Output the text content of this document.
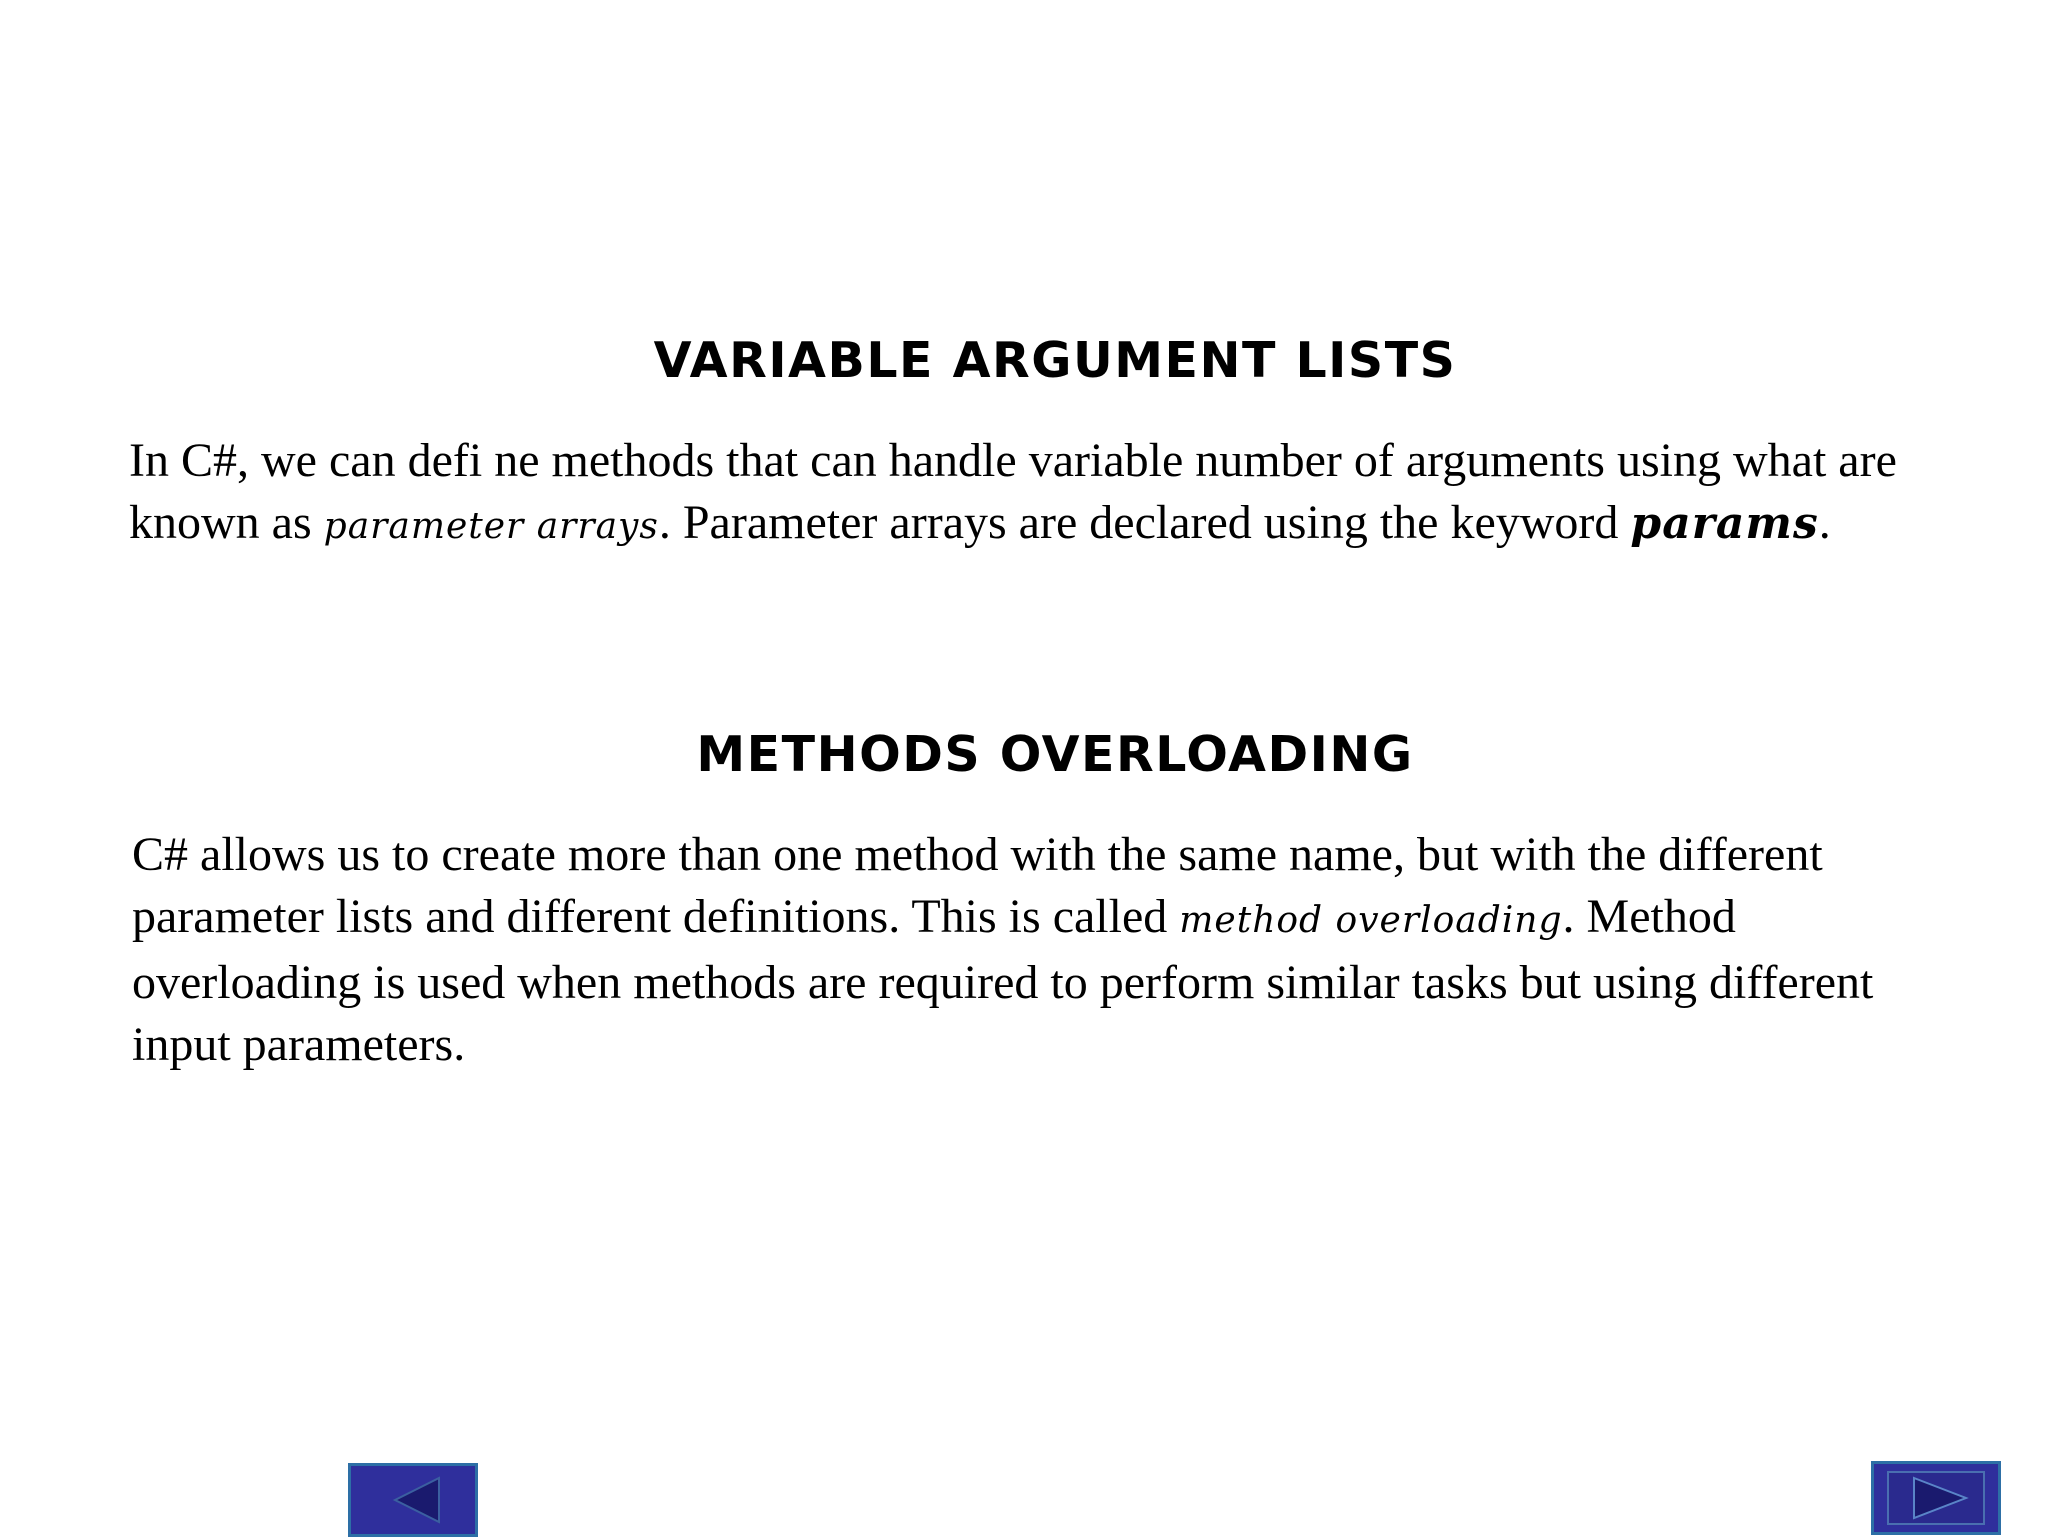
VARIABLE ARGUMENT LISTS

In C#, we can defi ne methods that can handle variable number of arguments using what are known as parameter arrays. Parameter arrays are declared using the keyword params.

METHODS OVERLOADING

C# allows us to create more than one method with the same name, but with the different parameter lists and different definitions. This is called method overloading. Method overloading is used when methods are required to perform similar tasks but using different input parameters.
